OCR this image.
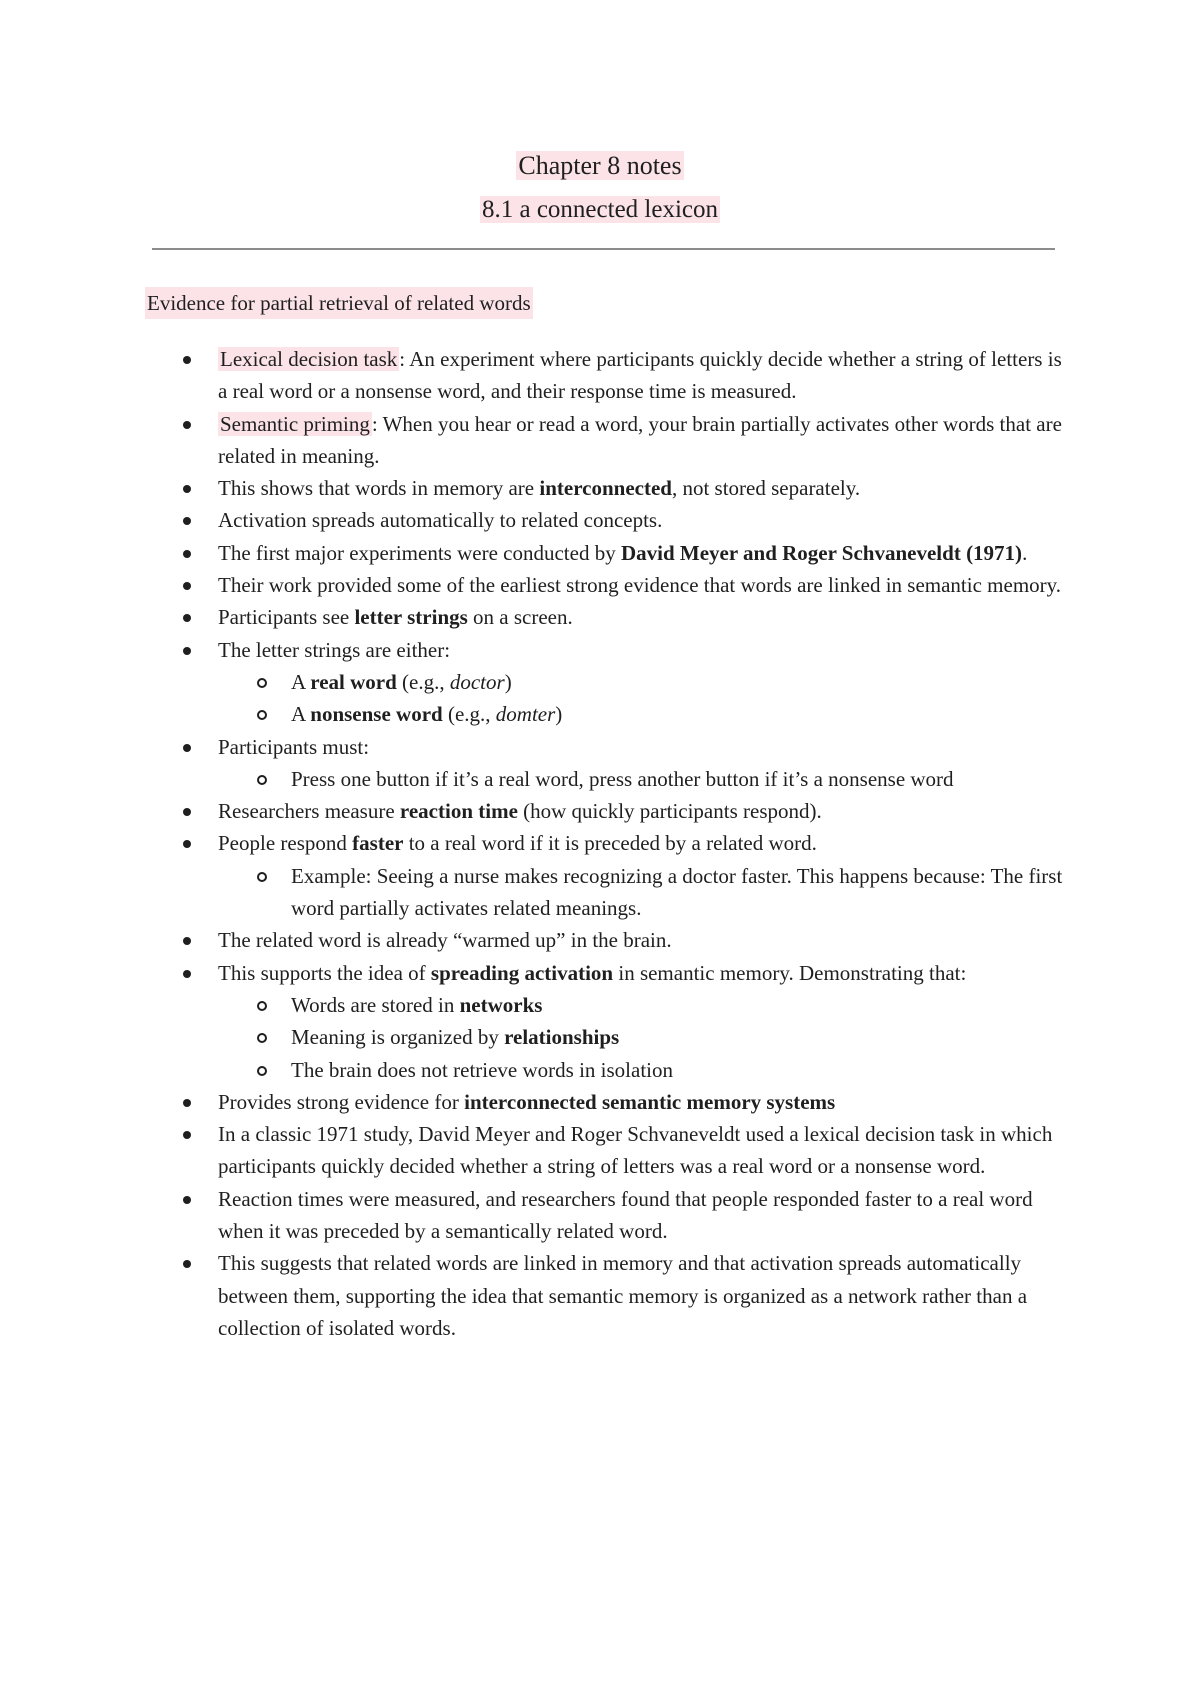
Chapter 8 notes
8.1 a connected lexicon
Evidence for partial retrieval of related words
Lexical decision task: An experiment where participants quickly decide whether a string of letters is a real word or a nonsense word, and their response time is measured.
Semantic priming: When you hear or read a word, your brain partially activates other words that are related in meaning.
This shows that words in memory are interconnected, not stored separately.
Activation spreads automatically to related concepts.
The first major experiments were conducted by David Meyer and Roger Schvaneveldt (1971).
Their work provided some of the earliest strong evidence that words are linked in semantic memory.
Participants see letter strings on a screen.
The letter strings are either:
A real word (e.g., doctor)
A nonsense word (e.g., domter)
Participants must:
Press one button if it’s a real word, press another button if it’s a nonsense word
Researchers measure reaction time (how quickly participants respond).
People respond faster to a real word if it is preceded by a related word.
Example: Seeing a nurse makes recognizing a doctor faster. This happens because: The first word partially activates related meanings.
The related word is already “warmed up” in the brain.
This supports the idea of spreading activation in semantic memory. Demonstrating that:
Words are stored in networks
Meaning is organized by relationships
The brain does not retrieve words in isolation
Provides strong evidence for interconnected semantic memory systems
In a classic 1971 study, David Meyer and Roger Schvaneveldt used a lexical decision task in which participants quickly decided whether a string of letters was a real word or a nonsense word.
Reaction times were measured, and researchers found that people responded faster to a real word when it was preceded by a semantically related word.
This suggests that related words are linked in memory and that activation spreads automatically between them, supporting the idea that semantic memory is organized as a network rather than a collection of isolated words.
